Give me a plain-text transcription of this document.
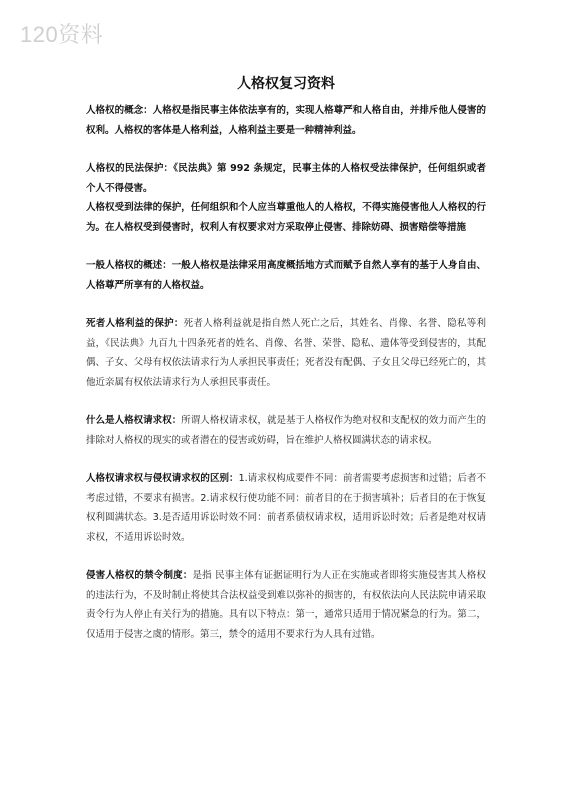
120资料
人格权复习资料

人格权的概念：人格权是指民事主体依法享有的，实现人格尊严和人格自由，并排斥他人侵害的权利。人格权的客体是人格利益，人格利益主要是一种精神利益。

人格权的民法保护：《民法典》第 992 条规定，民事主体的人格权受法律保护，任何组织或者个人不得侵害。

人格权受到法律的保护，任何组织和个人应当尊重他人的人格权，不得实施侵害他人人格权的行为。在人格权受到侵害时，权利人有权要求对方采取停止侵害、排除妨碍、损害赔偿等措施

一般人格权的概述：一般人格权是法律采用高度概括地方式而赋予自然人享有的基于人身自由、人格尊严所享有的人格权益。

死者人格利益的保护：死者人格利益就是指自然人死亡之后，其姓名、肖像、名誉、隐私等利益，《民法典》九百九十四条死者的姓名、肖像、名誉、荣誉、隐私、遗体等受到侵害的，其配偶、子女、父母有权依法请求行为人承担民事责任；死者没有配偶、子女且父母已经死亡的，其他近亲属有权依法请求行为人承担民事责任。

什么是人格权请求权：所谓人格权请求权，就是基于人格权作为绝对权和支配权的效力而产生的排除对人格权的现实的或者潜在的侵害或妨碍，旨在维护人格权圆满状态的请求权。

人格权请求权与侵权请求权的区别：1.请求权构成要件不同：前者需要考虑损害和过错；后者不考虑过错，不要求有损害。2.请求权行使功能不同：前者目的在于损害填补；后者目的在于恢复权利圆满状态。3.是否适用诉讼时效不同：前者系债权请求权，适用诉讼时效；后者是绝对权请求权，不适用诉讼时效。

侵害人格权的禁令制度：是指 民事主体有证据证明行为人正在实施或者即将实施侵害其人格权的违法行为，不及时制止将使其合法权益受到难以弥补的损害的，有权依法向人民法院申请采取责令行为人停止有关行为的措施。具有以下特点：第一，通常只适用于情况紧急的行为。第二，仅适用于侵害之虞的情形。第三，禁令的适用不要求行为人具有过错。
